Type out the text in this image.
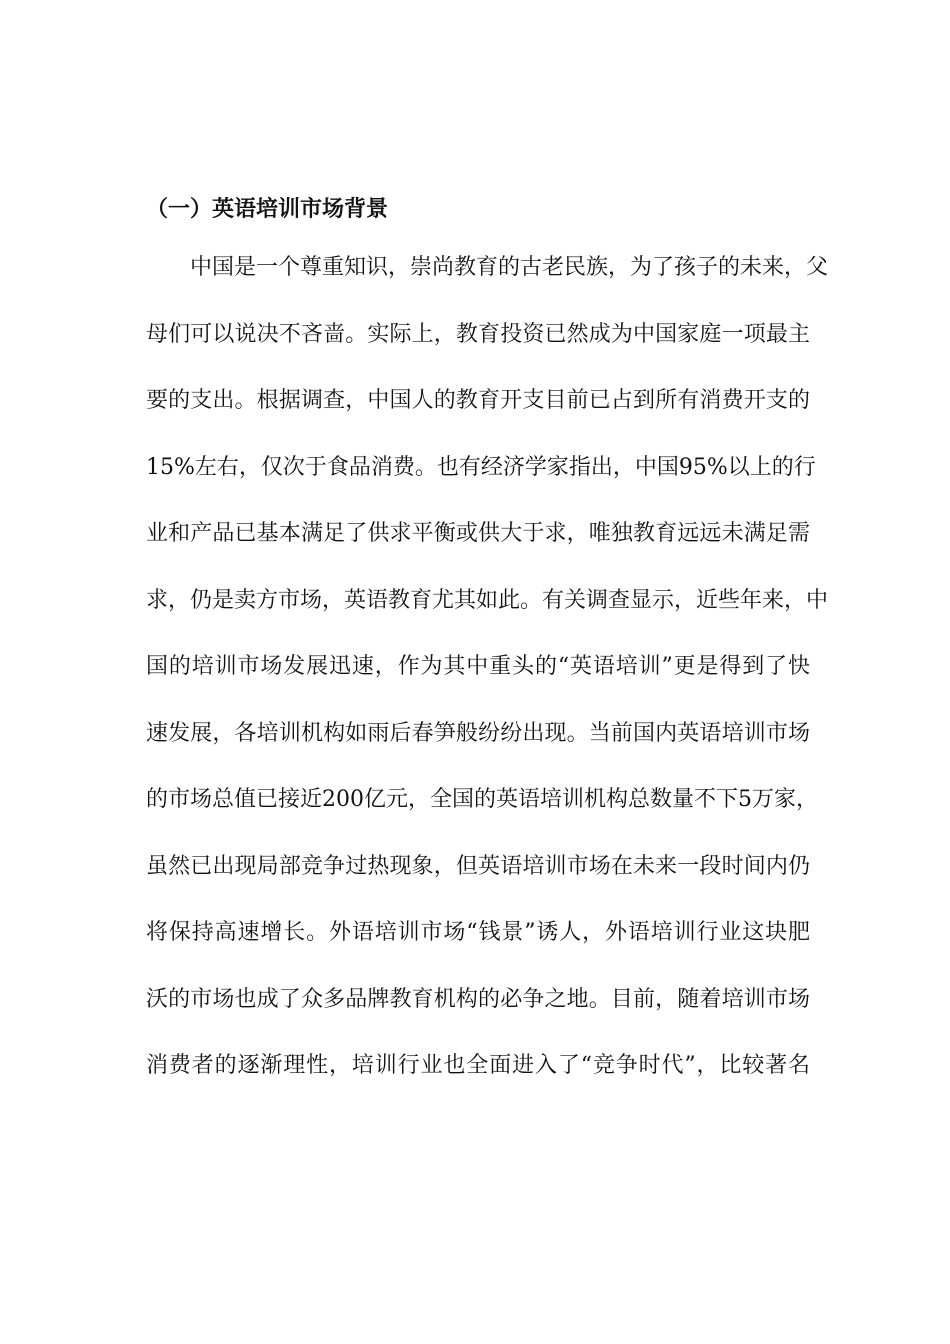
（一）英语培训市场背景
中国是一个尊重知识，崇尚教育的古老民族，为了孩子的未来，父
母们可以说决不吝啬。实际上，教育投资已然成为中国家庭一项最主
要的支出。根据调查，中国人的教育开支目前已占到所有消费开支的
15%左右，仅次于食品消费。也有经济学家指出，中国95%以上的行
业和产品已基本满足了供求平衡或供大于求，唯独教育远远未满足需
求，仍是卖方市场，英语教育尤其如此。有关调查显示，近些年来，中
国的培训市场发展迅速，作为其中重头的“英语培训”更是得到了快
速发展，各培训机构如雨后春笋般纷纷出现。当前国内英语培训市场
的市场总值已接近200亿元，全国的英语培训机构总数量不下5万家，
虽然已出现局部竞争过热现象，但英语培训市场在未来一段时间内仍
将保持高速增长。外语培训市场“钱景”诱人，外语培训行业这块肥
沃的市场也成了众多品牌教育机构的必争之地。目前，随着培训市场
消费者的逐渐理性，培训行业也全面进入了“竞争时代”，比较著名
